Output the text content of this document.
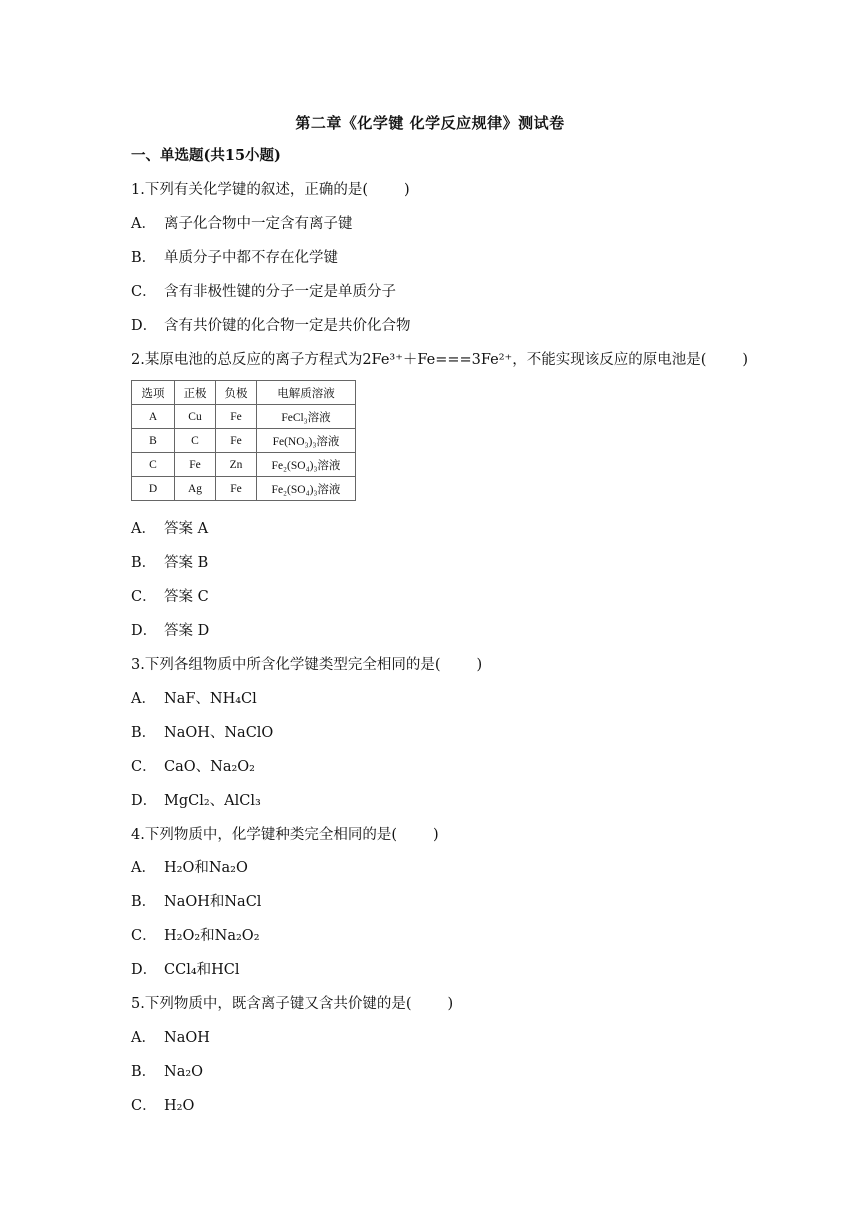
第二章《化学键 化学反应规律》测试卷
一、单选题(共15小题)
1.下列有关化学键的叙述，正确的是( )
A． 离子化合物中一定含有离子键
B． 单质分子中都不存在化学键
C． 含有非极性键的分子一定是单质分子
D． 含有共价键的化合物一定是共价化合物
2.某原电池的总反应的离子方程式为2Fe³⁺＋Fe===3Fe²⁺，不能实现该反应的原电池是( )
选项	正极	负极	电解质溶液
A	Cu	Fe	FeCl₃溶液
B	C	Fe	Fe(NO₃)₃溶液
C	Fe	Zn	Fe₂(SO₄)₃溶液
D	Ag	Fe	Fe₂(SO₄)₃溶液
A． 答案 A
B． 答案 B
C． 答案 C
D． 答案 D
3.下列各组物质中所含化学键类型完全相同的是( )
A． NaF、NH₄Cl
B． NaOH、NaClO
C． CaO、Na₂O₂
D． MgCl₂、AlCl₃
4.下列物质中，化学键种类完全相同的是( )
A． H₂O和Na₂O
B． NaOH和NaCl
C． H₂O₂和Na₂O₂
D． CCl₄和HCl
5.下列物质中，既含离子键又含共价键的是( )
A． NaOH
B． Na₂O
C． H₂O
